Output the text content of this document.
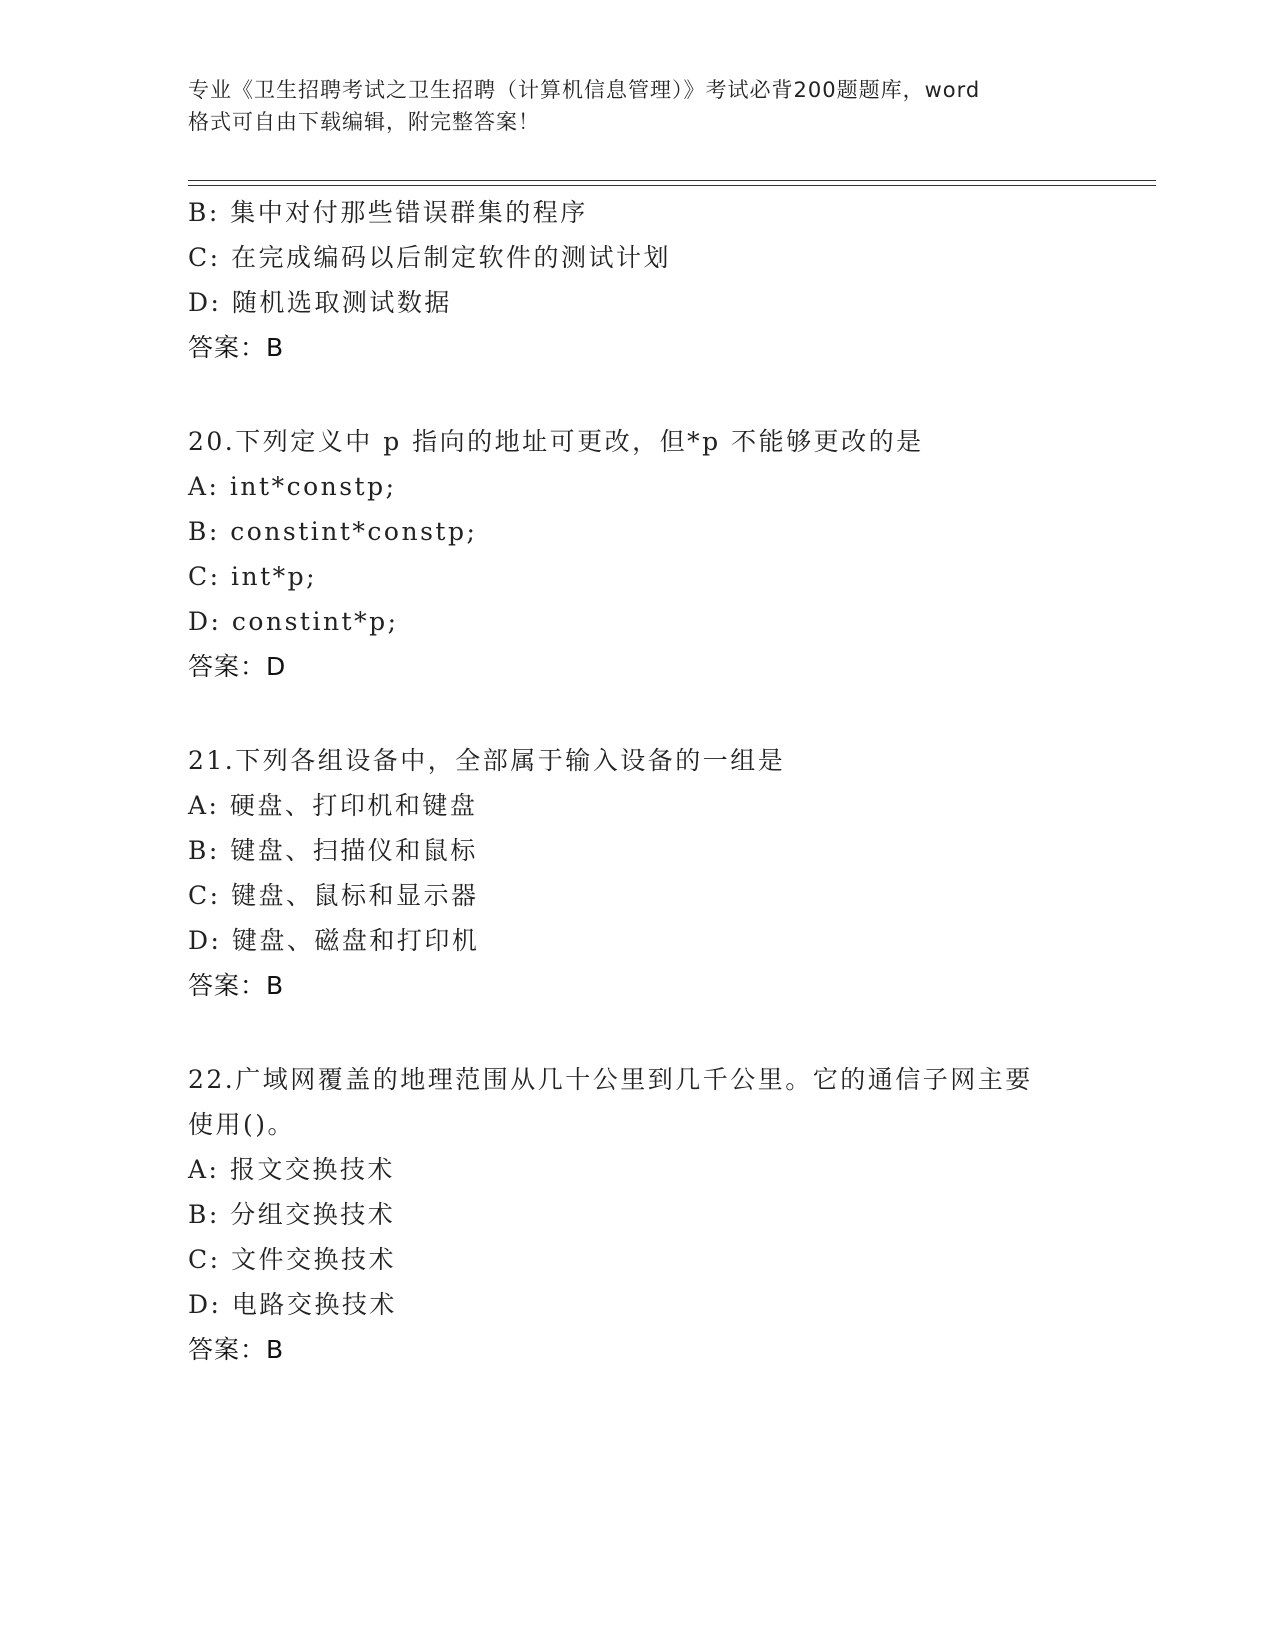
专业《卫生招聘考试之卫生招聘（计算机信息管理）》考试必背200题题库，word
格式可自由下载编辑，附完整答案！
B: 集中对付那些错误群集的程序
C: 在完成编码以后制定软件的测试计划
D: 随机选取测试数据
答案：B
20.下列定义中 p 指向的地址可更改，但*p 不能够更改的是
A: int*constp;
B: constint*constp;
C: int*p;
D: constint*p;
答案：D
21.下列各组设备中，全部属于输入设备的一组是
A: 硬盘、打印机和键盘
B: 键盘、扫描仪和鼠标
C: 键盘、鼠标和显示器
D: 键盘、磁盘和打印机
答案：B
22.广域网覆盖的地理范围从几十公里到几千公里。它的通信子网主要
使用()。
A: 报文交换技术
B: 分组交换技术
C: 文件交换技术
D: 电路交换技术
答案：B
